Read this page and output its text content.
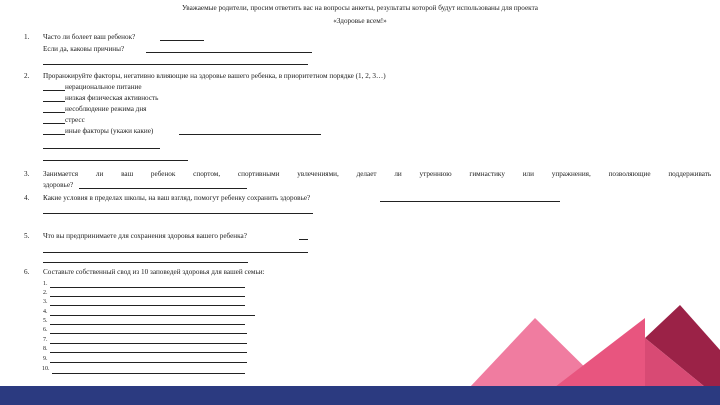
Уважаемые родители, просим ответить вас на вопросы анкеты, результаты которой будут использованы для проекта
«Здоровье всем!»
1. Часто ли болеет ваш ребенок?
Если да, каковы причины?
2. Проранжируйте факторы, негативно влияющие на здоровье вашего ребенка, в приоритетном порядке (1, 2, 3…)
нерациональное питание
низкая физическая активность
несоблюдение режима дня
стресс
иные факторы (укажи какие)
3. Занимается ли ваш ребенок спортом, спортивными увлечениями, делает ли утреннюю гимнастику или упражнения, позволяющие поддерживать
здоровье?
4. Какие условия в пределах школы, на ваш взгляд, помогут ребенку сохранить здоровье?
5. Что вы предпринимаете для сохранения здоровья вашего ребенка?
6. Составьте собственный свод из 10 заповедей здоровья для вашей семьи:
1.
2.
3.
4.
5.
6.
7.
8.
9.
10.
